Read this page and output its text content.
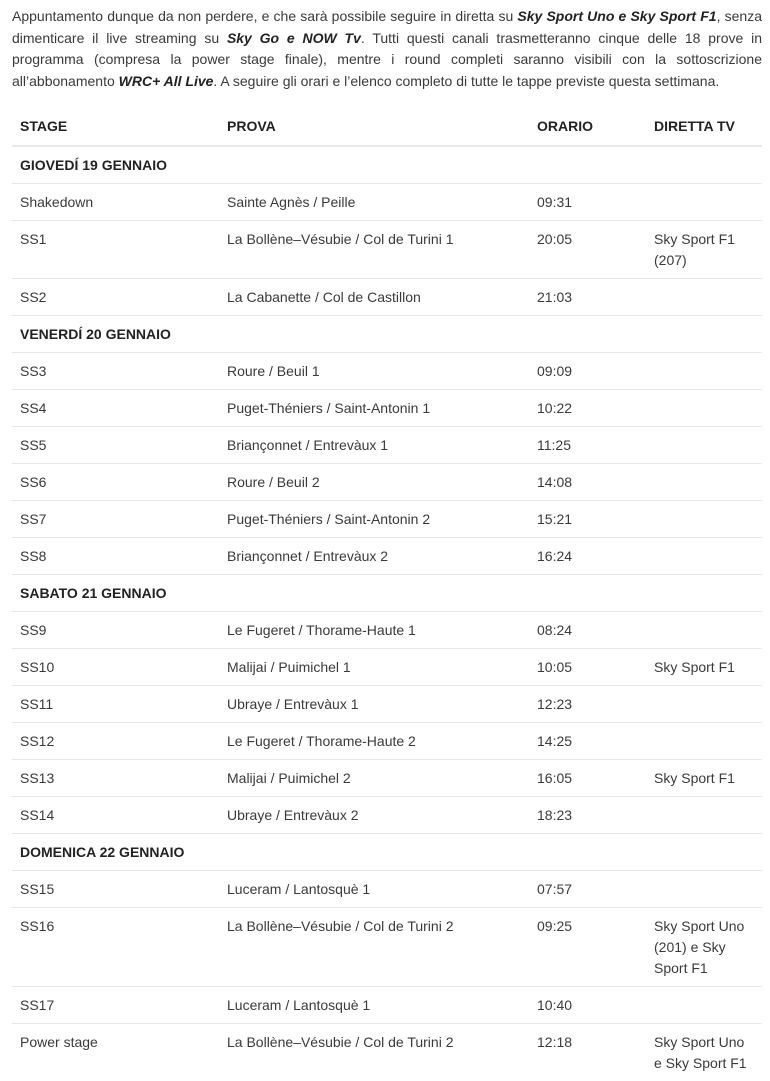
Appuntamento dunque da non perdere, e che sarà possibile seguire in diretta su Sky Sport Uno e Sky Sport F1, senza dimenticare il live streaming su Sky Go e NOW Tv. Tutti questi canali trasmetteranno cinque delle 18 prove in programma (compresa la power stage finale), mentre i round completi saranno visibili con la sottoscrizione all’abbonamento WRC+ All Live. A seguire gli orari e l’elenco completo di tutte le tappe previste questa settimana.

STAGE	PROVA	ORARIO	DIRETTA TV
GIOVEDÍ 19 GENNAIO			
Shakedown	Sainte Agnès / Peille	09:31	
SS1	La Bollène–Vésubie / Col de Turini 1	20:05	Sky Sport F1 (207)
SS2	La Cabanette / Col de Castillon	21:03	
VENERDÍ 20 GENNAIO			
SS3	Roure / Beuil 1	09:09	
SS4	Puget-Théniers / Saint-Antonin 1	10:22	
SS5	Briançonnet / Entrevàux 1	11:25	
SS6	Roure / Beuil 2	14:08	
SS7	Puget-Théniers / Saint-Antonin 2	15:21	
SS8	Briançonnet / Entrevàux 2	16:24	
SABATO 21 GENNAIO			
SS9	Le Fugeret / Thorame-Haute 1	08:24	
SS10	Malijai / Puimichel 1	10:05	Sky Sport F1
SS11	Ubraye / Entrevàux 1	12:23	
SS12	Le Fugeret / Thorame-Haute 2	14:25	
SS13	Malijai / Puimichel 2	16:05	Sky Sport F1
SS14	Ubraye / Entrevàux 2	18:23	
DOMENICA 22 GENNAIO			
SS15	Luceram / Lantosquè 1	07:57	
SS16	La Bollène–Vésubie / Col de Turini 2	09:25	Sky Sport Uno (201) e Sky Sport F1
SS17	Luceram / Lantosquè 1	10:40	
Power stage	La Bollène–Vésubie / Col de Turini 2	12:18	Sky Sport Uno e Sky Sport F1
